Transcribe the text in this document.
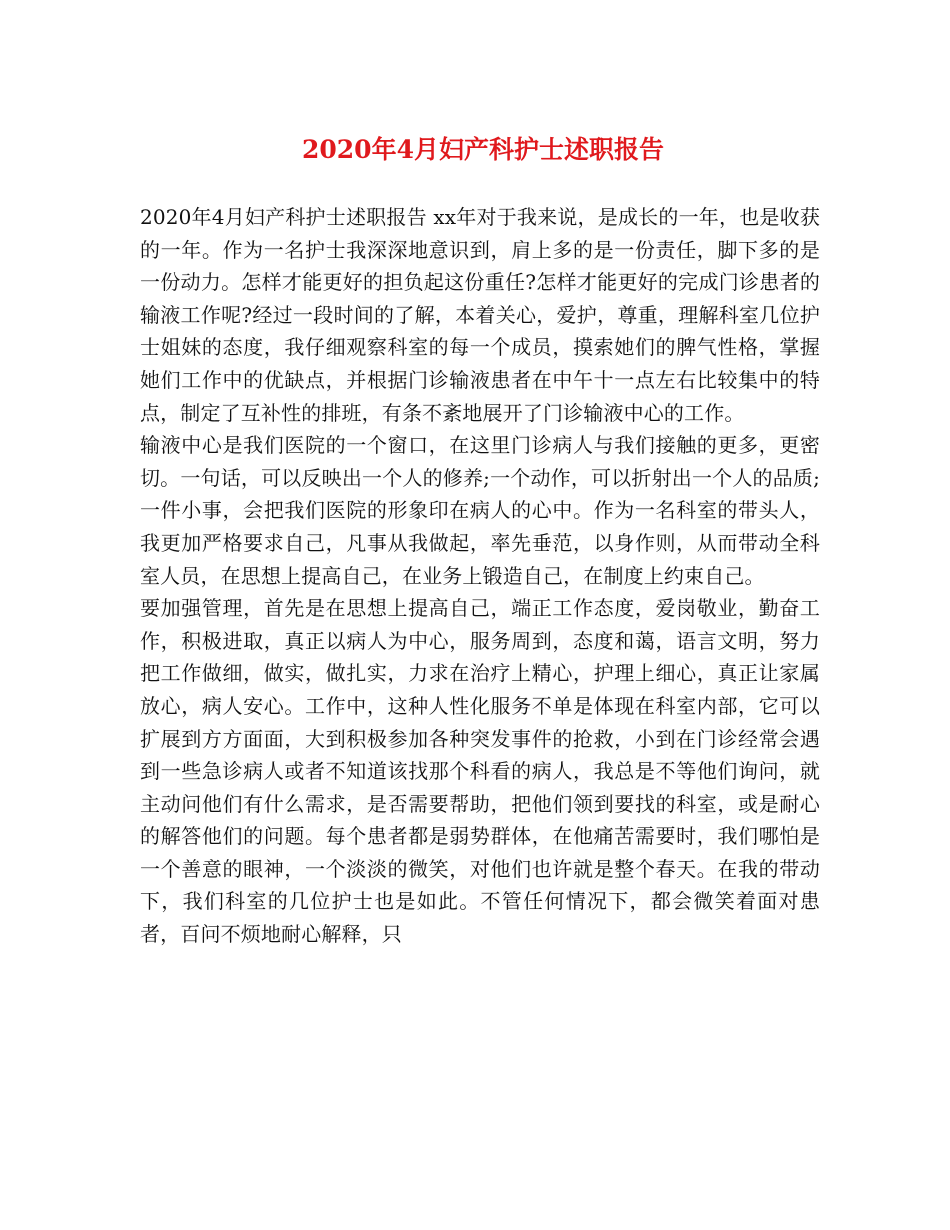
2020年4月妇产科护士述职报告

2020年4月妇产科护士述职报告 xx年对于我来说，是成长的一年，也是收获的一年。作为一名护士我深深地意识到，肩上多的是一份责任，脚下多的是一份动力。怎样才能更好的担负起这份重任?怎样才能更好的完成门诊患者的输液工作呢?经过一段时间的了解，本着关心，爱护，尊重，理解科室几位护士姐妹的态度，我仔细观察科室的每一个成员，摸索她们的脾气性格，掌握她们工作中的优缺点，并根据门诊输液患者在中午十一点左右比较集中的特点，制定了互补性的排班，有条不紊地展开了门诊输液中心的工作。

输液中心是我们医院的一个窗口，在这里门诊病人与我们接触的更多，更密切。一句话，可以反映出一个人的修养;一个动作，可以折射出一个人的品质;一件小事，会把我们医院的形象印在病人的心中。作为一名科室的带头人，我更加严格要求自己，凡事从我做起，率先垂范，以身作则，从而带动全科室人员，在思想上提高自己，在业务上锻造自己，在制度上约束自己。

要加强管理，首先是在思想上提高自己，端正工作态度，爱岗敬业，勤奋工作，积极进取，真正以病人为中心，服务周到，态度和蔼，语言文明，努力把工作做细，做实，做扎实，力求在治疗上精心，护理上细心，真正让家属放心，病人安心。工作中，这种人性化服务不单是体现在科室内部，它可以扩展到方方面面，大到积极参加各种突发事件的抢救，小到在门诊经常会遇到一些急诊病人或者不知道该找那个科看的病人，我总是不等他们询问，就主动问他们有什么需求，是否需要帮助，把他们领到要找的科室，或是耐心的解答他们的问题。每个患者都是弱势群体，在他痛苦需要时，我们哪怕是一个善意的眼神，一个淡淡的微笑，对他们也许就是整个春天。在我的带动下，我们科室的几位护士也是如此。不管任何情况下，都会微笑着面对患者，百问不烦地耐心解释，只
